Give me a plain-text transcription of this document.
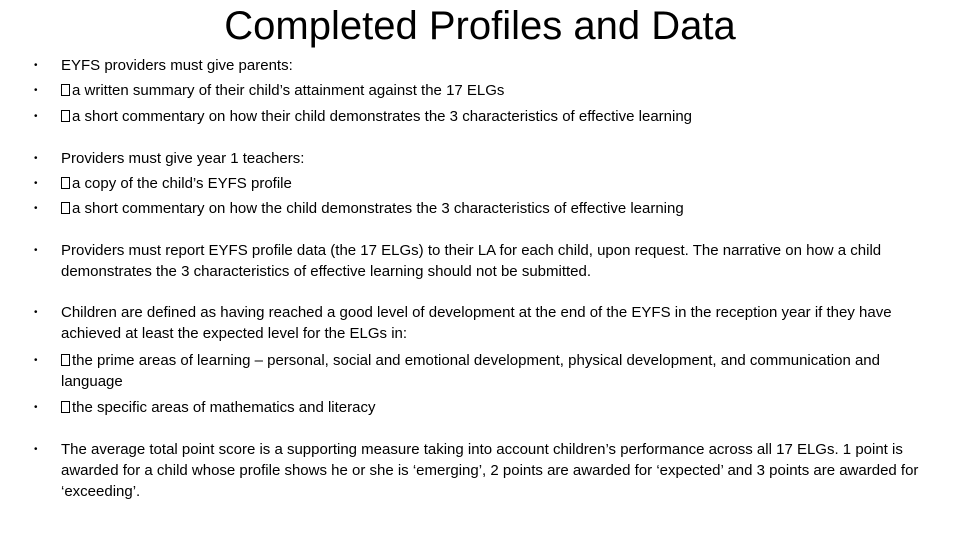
Completed Profiles and Data
•	EYFS providers must give parents:
•	a written summary of their child’s attainment against the 17 ELGs
•	a short commentary on how their child demonstrates the 3 characteristics of effective learning
•	Providers must give year 1 teachers:
•	a copy of the child’s EYFS profile
•	a short commentary on how the child demonstrates the 3 characteristics of effective learning
•	Providers must report EYFS profile data (the 17 ELGs) to their LA for each child, upon request. The narrative on how a child demonstrates the 3 characteristics of effective learning should not be submitted.
•	Children are defined as having reached a good level of development at the end of the EYFS in the reception year if they have achieved at least the expected level for the ELGs in:
•	the prime areas of learning – personal, social and emotional development, physical development, and communication and language
•	the specific areas of mathematics and literacy
•	The average total point score is a supporting measure taking into account children’s performance across all 17 ELGs. 1 point is awarded for a child whose profile shows he or she is ‘emerging’, 2 points are awarded for ‘expected’ and 3 points are awarded for ‘exceeding’.
